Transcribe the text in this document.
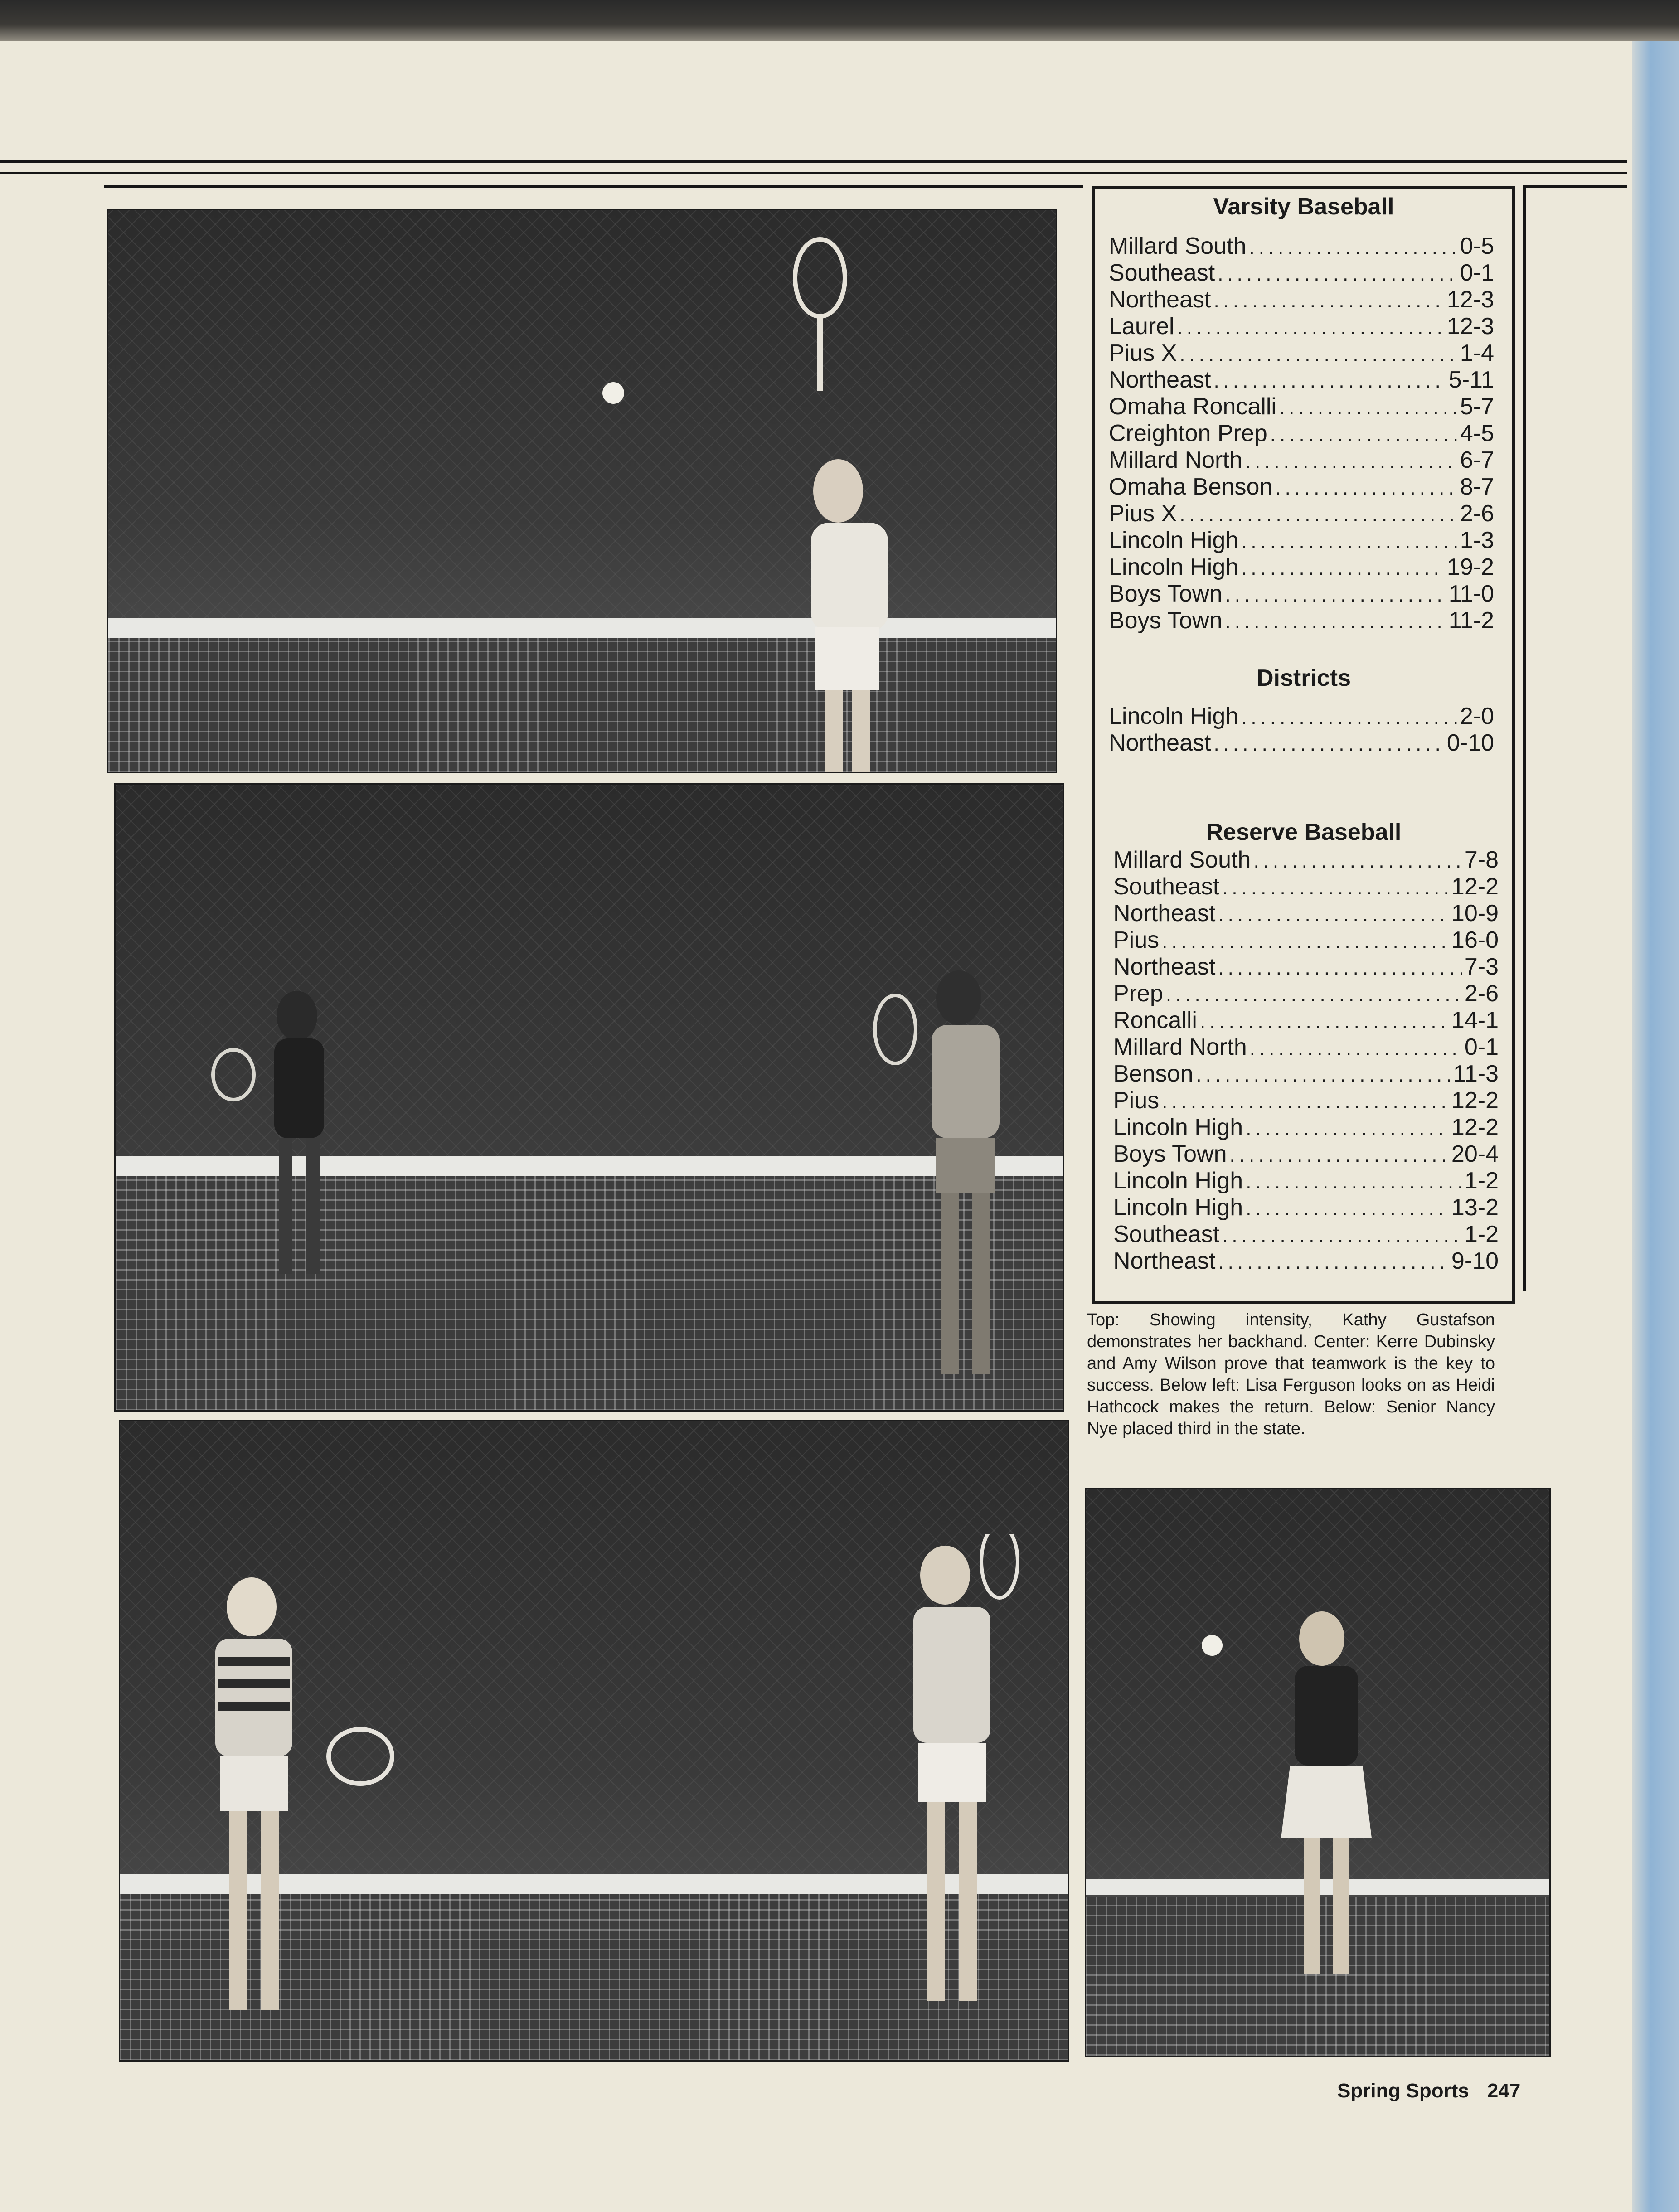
Varsity Baseball
Millard South .....	0-5
Southeast .....	0-1
Northeast .....	12-3
Laurel .....	12-3
Pius X .....	1-4
Northeast .....	5-11
Omaha Roncalli .....	5-7
Creighton Prep .....	4-5
Millard North .....	6-7
Omaha Benson .....	8-7
Pius X .....	2-6
Lincoln High .....	1-3
Lincoln High .....	19-2
Boys Town .....	11-0
Boys Town .....	11-2
Districts
Lincoln High .....	2-0
Northeast .....	0-10
Reserve Baseball
Millard South .....	7-8
Southeast .....	12-2
Northeast .....	10-9
Pius .....	16-0
Northeast .....	7-3
Prep .....	2-6
Roncalli .....	14-1
Millard North .....	0-1
Benson .....	11-3
Pius .....	12-2
Lincoln High .....	12-2
Boys Town .....	20-4
Lincoln High .....	1-2
Lincoln High .....	13-2
Southeast .....	1-2
Northeast .....	9-10
Top: Showing intensity, Kathy Gustafson demonstrates her backhand. Center: Kerre Dubinsky and Amy Wilson prove that teamwork is the key to success. Below left: Lisa Ferguson looks on as Heidi Hathcock makes the return. Below: Senior Nancy Nye placed third in the state.
Spring Sports 247
